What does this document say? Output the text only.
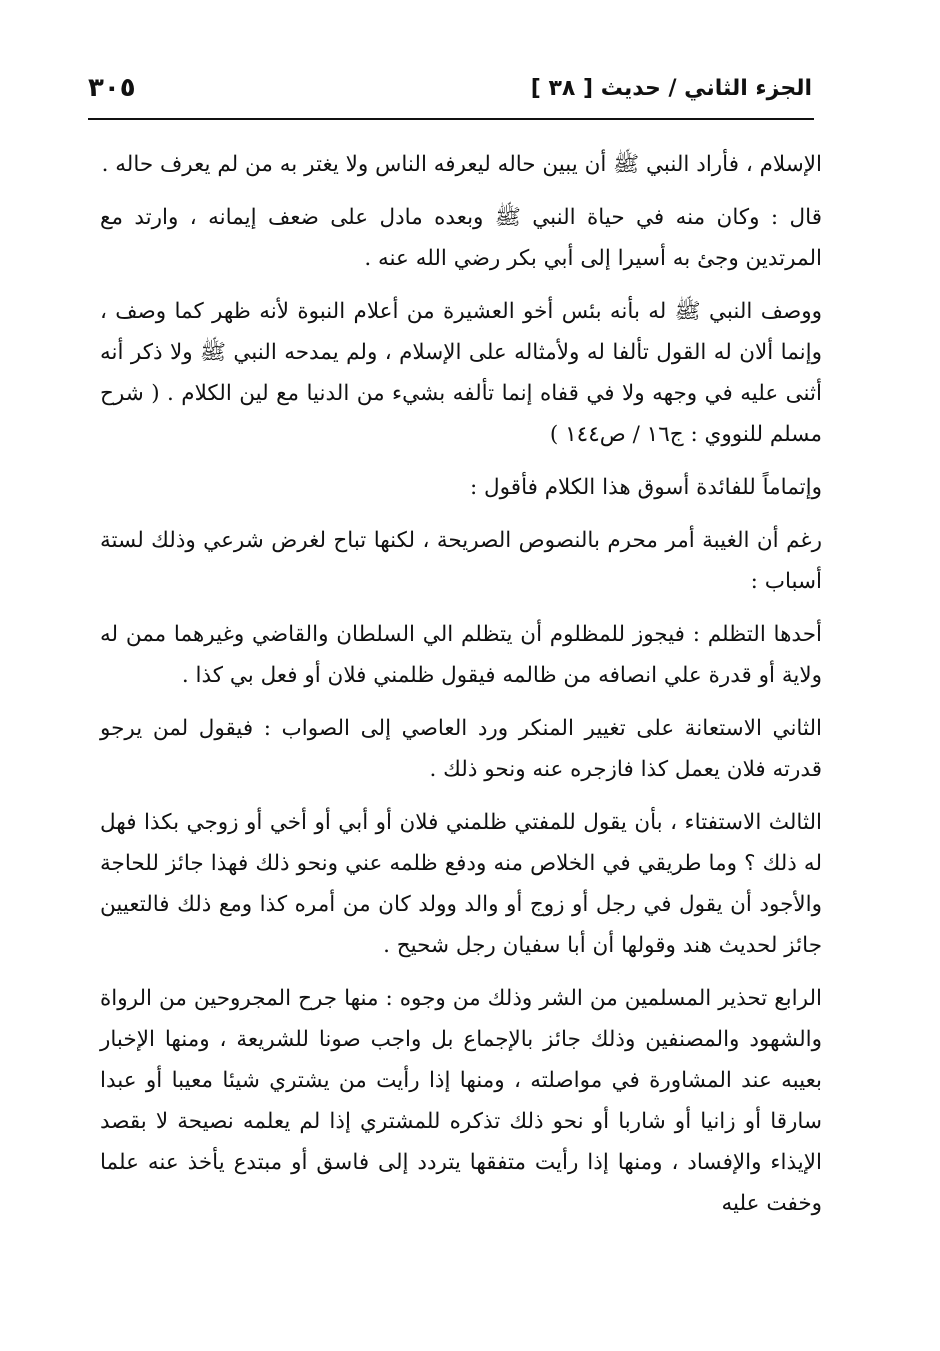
الجزء الثاني / حديث [ ٣٨ ]
٣٠٥

الإسلام ، فأراد النبي ﷺ أن يبين حاله ليعرفه الناس ولا يغتر به من لم يعرف حاله .

قال : وكان منه في حياة النبي ﷺ وبعده مادل على ضعف إيمانه ، وارتد مع المرتدين وجئ به أسيرا إلى أبي بكر رضي الله عنه .

ووصف النبي ﷺ له بأنه بئس أخو العشيرة من أعلام النبوة لأنه ظهر كما وصف ، وإنما ألان له القول تألفا له ولأمثاله على الإسلام ، ولم يمدحه النبي ﷺ ولا ذكر أنه أثنى عليه في وجهه ولا في قفاه إنما تألفه بشيء من الدنيا مع لين الكلام . ( شرح مسلم للنووي : ج١٦ / ص١٤٤ )

وإتماماً للفائدة أسوق هذا الكلام فأقول :

رغم أن الغيبة أمر محرم بالنصوص الصريحة ، لكنها تباح لغرض شرعي وذلك لستة أسباب :

أحدها التظلم : فيجوز للمظلوم أن يتظلم الي السلطان والقاضي وغيرهما ممن له ولاية أو قدرة علي انصافه من ظالمه فيقول ظلمني فلان أو فعل بي كذا .

الثاني الاستعانة على تغيير المنكر ورد العاصي إلى الصواب : فيقول لمن يرجو قدرته فلان يعمل كذا فازجره عنه ونحو ذلك .

الثالث الاستفتاء ، بأن يقول للمفتي ظلمني فلان أو أبي أو أخي أو زوجي بكذا فهل له ذلك ؟ وما طريقي في الخلاص منه ودفع ظلمه عني ونحو ذلك فهذا جائز للحاجة والأجود أن يقول في رجل أو زوج أو والد وولد كان من أمره كذا ومع ذلك فالتعيين جائز لحديث هند وقولها أن أبا سفيان رجل شحيح .

الرابع تحذير المسلمين من الشر وذلك من وجوه : منها جرح المجروحين من الرواة والشهود والمصنفين وذلك جائز بالإجماع بل واجب صونا للشريعة ، ومنها الإخبار بعيبه عند المشاورة في مواصلته ، ومنها إذا رأيت من يشتري شيئا معيبا أو عبدا سارقا أو زانيا أو شاربا أو نحو ذلك تذكره للمشتري إذا لم يعلمه نصيحة لا بقصد الإيذاء والإفساد ، ومنها إذا رأيت متفقها يتردد إلى فاسق أو مبتدع يأخذ عنه علما وخفت عليه
